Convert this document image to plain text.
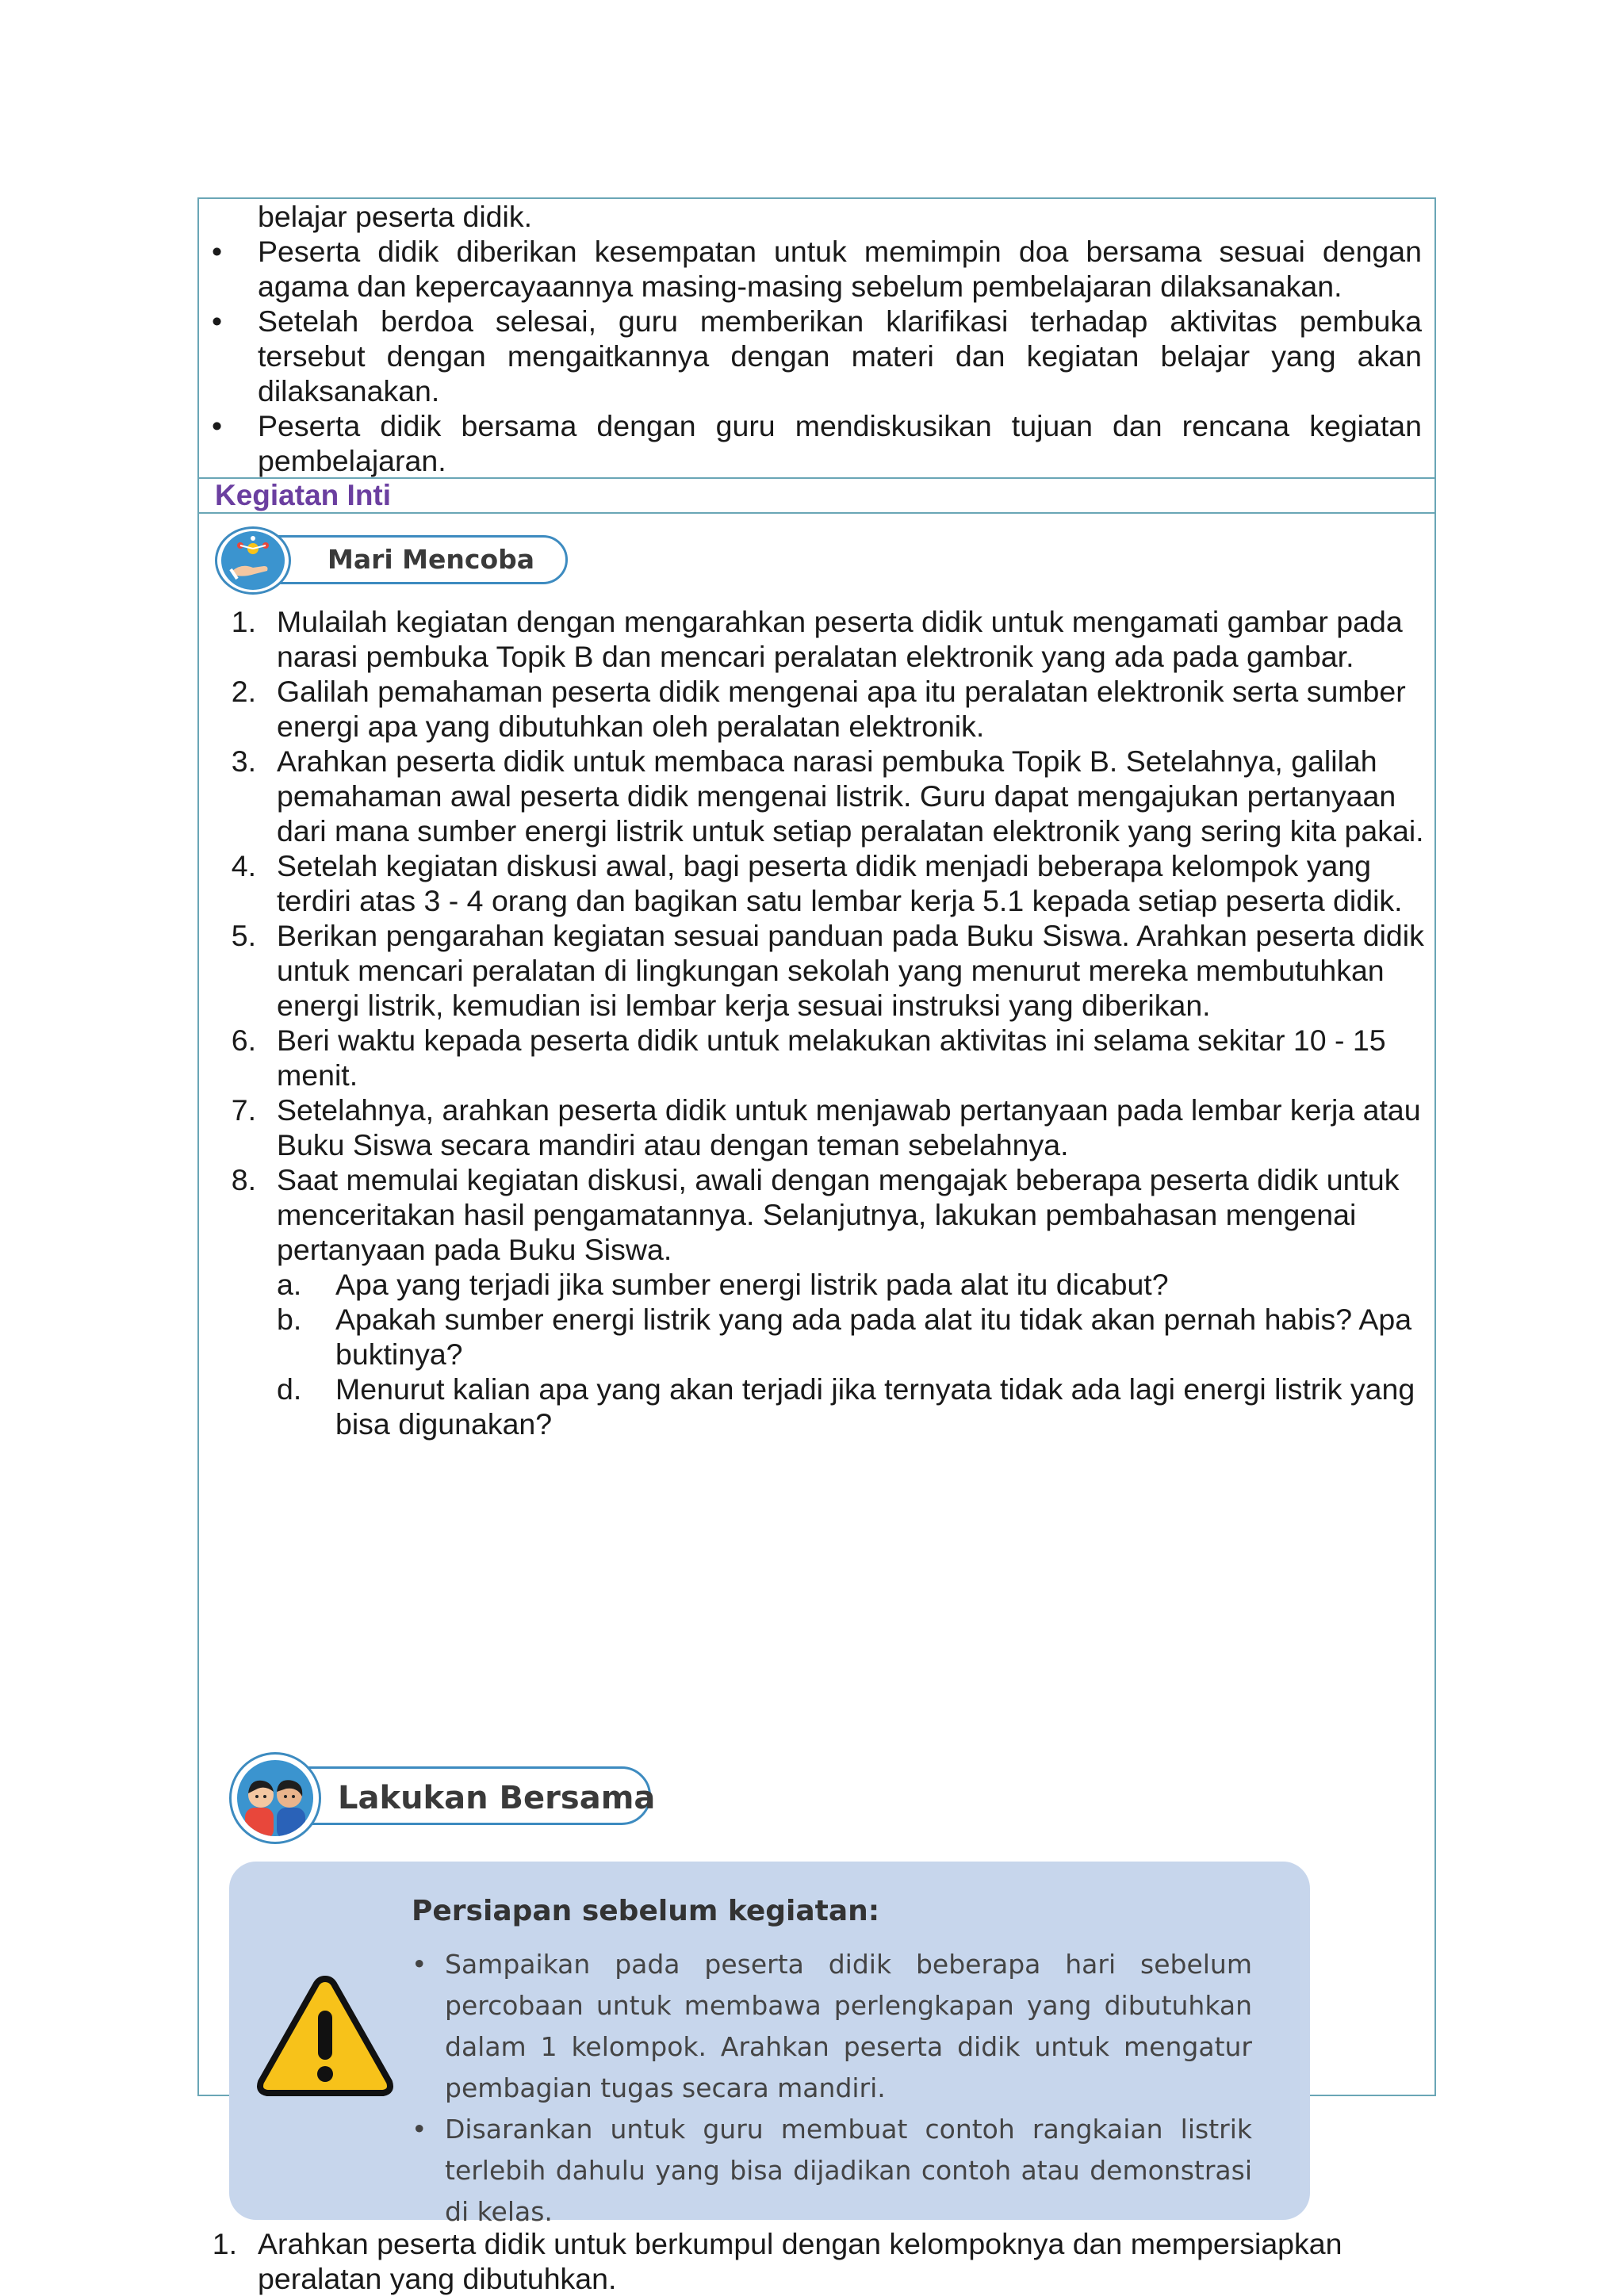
belajar peserta didik.
•	Peserta didik diberikan kesempatan untuk memimpin doa bersama sesuai dengan agama dan kepercayaannya masing-masing sebelum pembelajaran dilaksanakan.
•	Setelah berdoa selesai, guru memberikan klarifikasi terhadap aktivitas pembuka tersebut dengan mengaitkannya dengan materi dan kegiatan belajar yang akan dilaksanakan.
•	Peserta didik bersama dengan guru mendiskusikan tujuan dan rencana kegiatan pembelajaran.
Kegiatan Inti
Mari Mencoba
1. Mulailah kegiatan dengan mengarahkan peserta didik untuk mengamati gambar pada narasi pembuka Topik B dan mencari peralatan elektronik yang ada pada gambar.
2. Galilah pemahaman peserta didik mengenai apa itu peralatan elektronik serta sumber energi apa yang dibutuhkan oleh peralatan elektronik.
3. Arahkan peserta didik untuk membaca narasi pembuka Topik B. Setelahnya, galilah pemahaman awal peserta didik mengenai listrik. Guru dapat mengajukan pertanyaan dari mana sumber energi listrik untuk setiap peralatan elektronik yang sering kita pakai.
4. Setelah kegiatan diskusi awal, bagi peserta didik menjadi beberapa kelompok yang terdiri atas 3 - 4 orang dan bagikan satu lembar kerja 5.1 kepada setiap peserta didik.
5. Berikan pengarahan kegiatan sesuai panduan pada Buku Siswa. Arahkan peserta didik untuk mencari peralatan di lingkungan sekolah yang menurut mereka membutuhkan energi listrik, kemudian isi lembar kerja sesuai instruksi yang diberikan.
6. Beri waktu kepada peserta didik untuk melakukan aktivitas ini selama sekitar 10 - 15 menit.
7. Setelahnya, arahkan peserta didik untuk menjawab pertanyaan pada lembar kerja atau Buku Siswa secara mandiri atau dengan teman sebelahnya.
8. Saat memulai kegiatan diskusi, awali dengan mengajak beberapa peserta didik untuk menceritakan hasil pengamatannya. Selanjutnya, lakukan pembahasan mengenai pertanyaan pada Buku Siswa.
a.	Apa yang terjadi jika sumber energi listrik pada alat itu dicabut?
b.	Apakah sumber energi listrik yang ada pada alat itu tidak akan pernah habis? Apa buktinya?
d.	Menurut kalian apa yang akan terjadi jika ternyata tidak ada lagi energi listrik yang bisa digunakan?
Lakukan Bersama
Persiapan sebelum kegiatan:
• Sampaikan pada peserta didik beberapa hari sebelum percobaan untuk membawa perlengkapan yang dibutuhkan dalam 1 kelompok. Arahkan peserta didik untuk mengatur pembagian tugas secara mandiri.
• Disarankan untuk guru membuat contoh rangkaian listrik terlebih dahulu yang bisa dijadikan contoh atau demonstrasi di kelas.
1. Arahkan peserta didik untuk berkumpul dengan kelompoknya dan mempersiapkan peralatan yang dibutuhkan.
